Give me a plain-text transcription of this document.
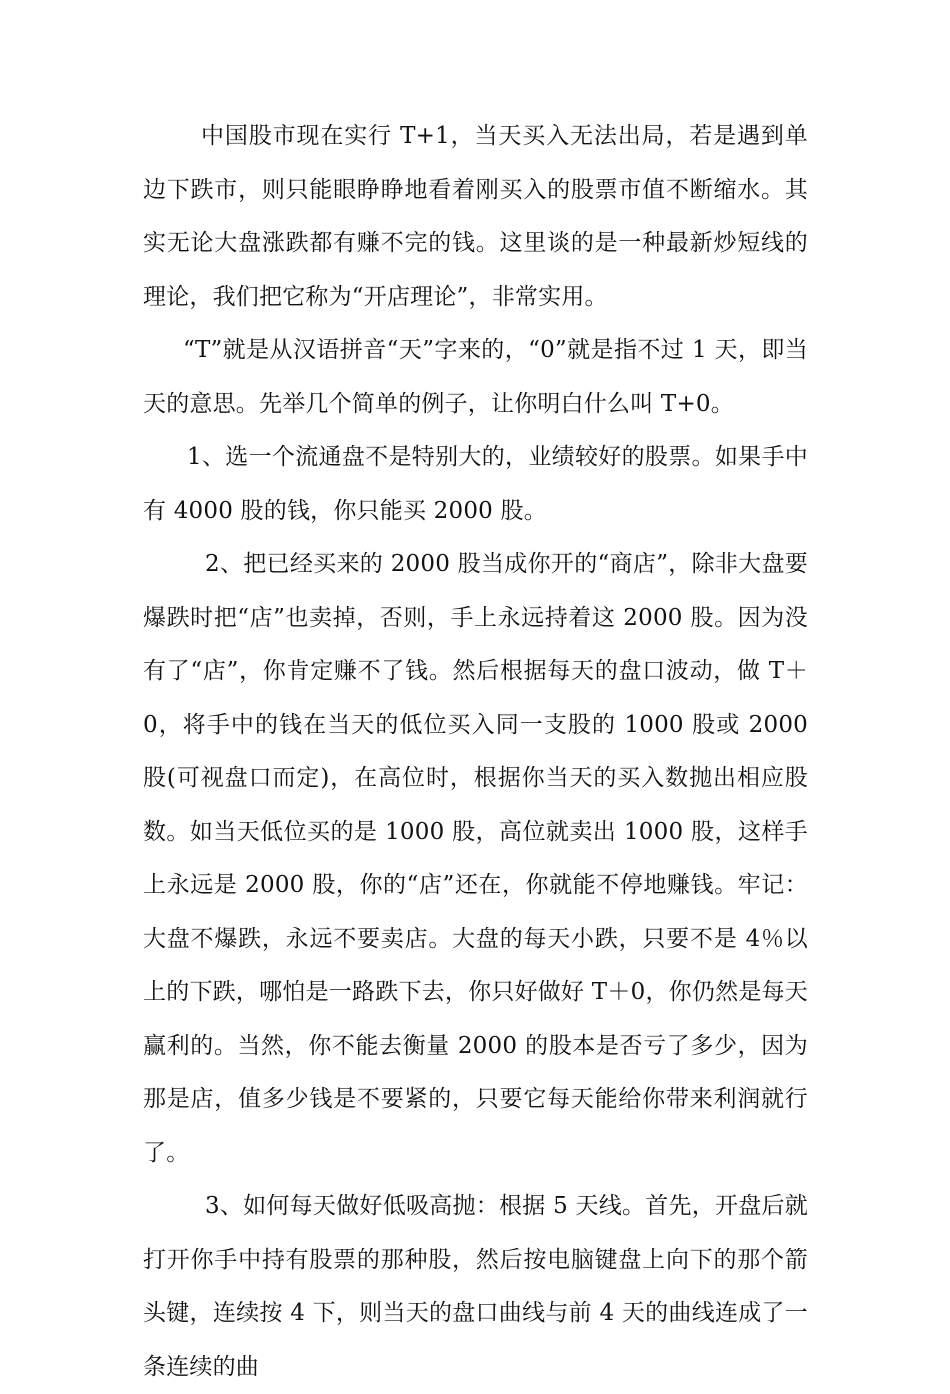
中国股市现在实行 T+1，当天买入无法出局，若是遇到单边下跌市，则只能眼睁睁地看着刚买入的股票市值不断缩水。其实无论大盘涨跌都有赚不完的钱。这里谈的是一种最新炒短线的理论，我们把它称为“开店理论”，非常实用。

“T”就是从汉语拼音“天”字来的，“0”就是指不过 1 天，即当天的意思。先举几个简单的例子，让你明白什么叫 T+0。

1、选一个流通盘不是特别大的，业绩较好的股票。如果手中有 4000 股的钱，你只能买 2000 股。

2、把已经买来的 2000 股当成你开的“商店”，除非大盘要爆跌时把“店”也卖掉，否则，手上永远持着这 2000 股。因为没有了“店”，你肯定赚不了钱。然后根据每天的盘口波动，做 T＋0，将手中的钱在当天的低位买入同一支股的 1000 股或 2000 股(可视盘口而定)，在高位时，根据你当天的买入数抛出相应股数。如当天低位买的是 1000 股，高位就卖出 1000 股，这样手上永远是 2000 股，你的“店”还在，你就能不停地赚钱。牢记：大盘不爆跌，永远不要卖店。大盘的每天小跌，只要不是 4％以上的下跌，哪怕是一路跌下去，你只好做好 T＋0，你仍然是每天赢利的。当然，你不能去衡量 2000 的股本是否亏了多少，因为那是店，值多少钱是不要紧的，只要它每天能给你带来利润就行了。

3、如何每天做好低吸高抛：根据 5 天线。首先，开盘后就打开你手中持有股票的那种股，然后按电脑键盘上向下的那个箭头键，连续按 4 下，则当天的盘口曲线与前 4 天的曲线连成了一条连续的曲
